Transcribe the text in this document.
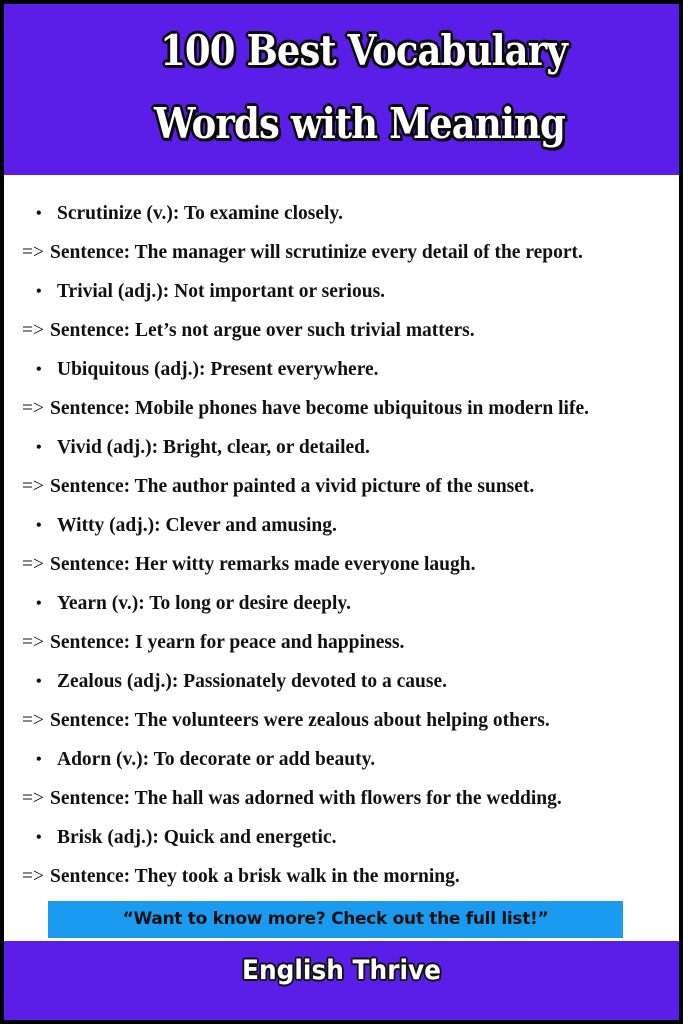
100 Best Vocabulary
Words with Meaning
• Scrutinize (v.): To examine closely.
=> Sentence: The manager will scrutinize every detail of the report.
• Trivial (adj.): Not important or serious.
=> Sentence: Let’s not argue over such trivial matters.
• Ubiquitous (adj.): Present everywhere.
=> Sentence: Mobile phones have become ubiquitous in modern life.
• Vivid (adj.): Bright, clear, or detailed.
=> Sentence: The author painted a vivid picture of the sunset.
• Witty (adj.): Clever and amusing.
=> Sentence: Her witty remarks made everyone laugh.
• Yearn (v.): To long or desire deeply.
=> Sentence: I yearn for peace and happiness.
• Zealous (adj.): Passionately devoted to a cause.
=> Sentence: The volunteers were zealous about helping others.
• Adorn (v.): To decorate or add beauty.
=> Sentence: The hall was adorned with flowers for the wedding.
• Brisk (adj.): Quick and energetic.
=> Sentence: They took a brisk walk in the morning.
“Want to know more? Check out the full list!”
English Thrive
